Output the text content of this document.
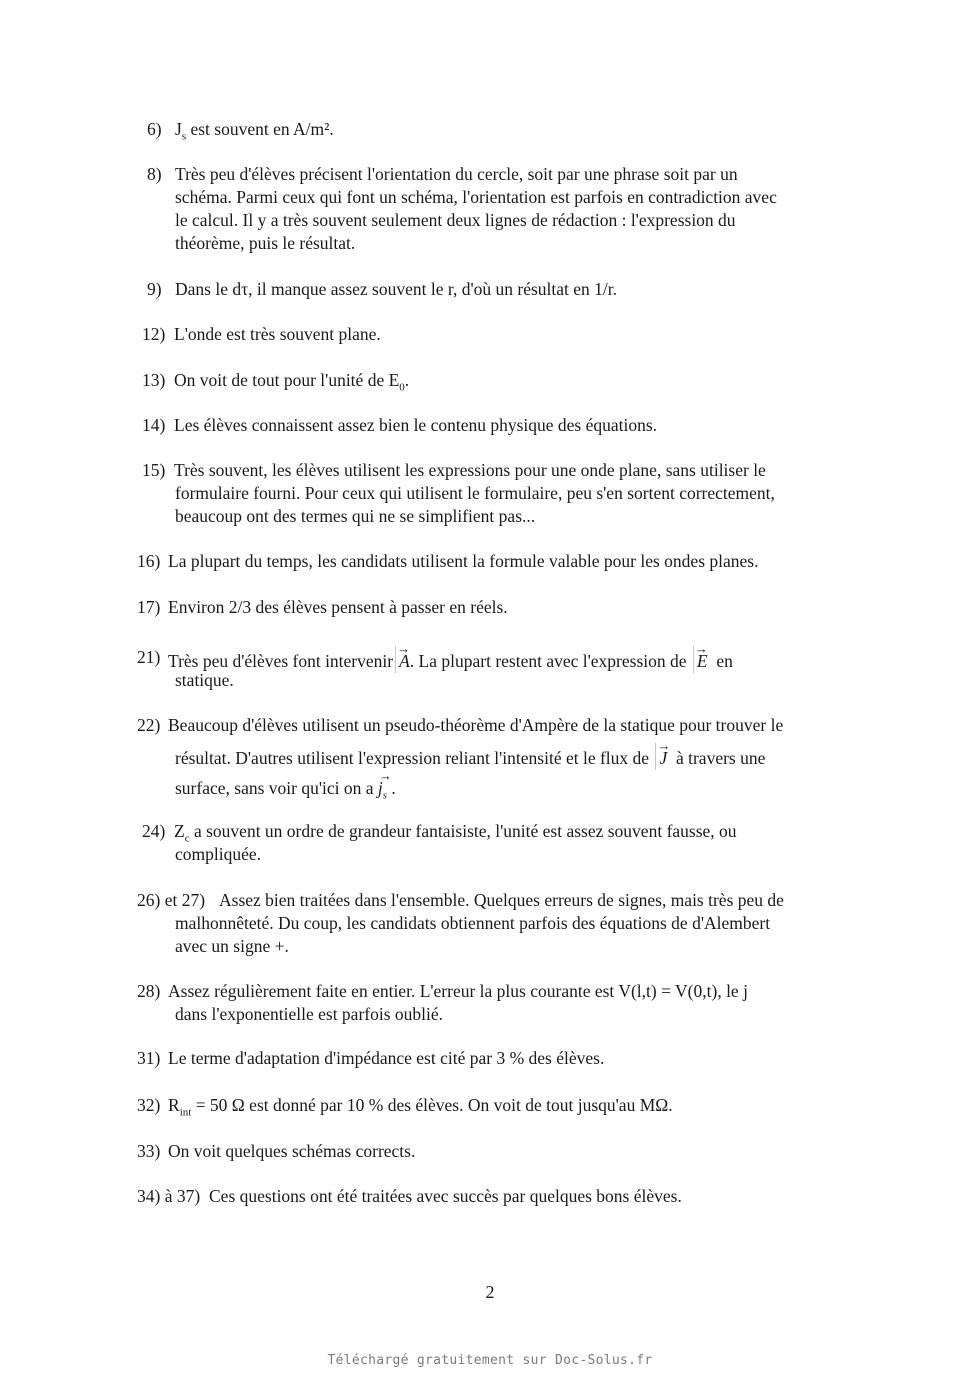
6) $J_s$ est souvent en A/m².
8) Très peu d'élèves précisent l'orientation du cercle, soit par une phrase soit par un
schéma. Parmi ceux qui font un schéma, l'orientation est parfois en contradiction avec
le calcul. Il y a très souvent seulement deux lignes de rédaction : l'expression du
théorème, puis le résultat.
9) Dans le dτ, il manque assez souvent le r, d'où un résultat en 1/r.
12) L'onde est très souvent plane.
13) On voit de tout pour l'unité de $E_0$.
14) Les élèves connaissent assez bien le contenu physique des équations.
15) Très souvent, les élèves utilisent les expressions pour une onde plane, sans utiliser le
formulaire fourni. Pour ceux qui utilisent le formulaire, peu s'en sortent correctement,
beaucoup ont des termes qui ne se simplifient pas...
16) La plupart du temps, les candidats utilisent la formule valable pour les ondes planes.
17) Environ 2/3 des élèves pensent à passer en réels.
21) Très peu d'élèves font intervenir → A. La plupart restent avec l'expression de → E en
statique.
22) Beaucoup d'élèves utilisent un pseudo-théorème d'Ampère de la statique pour trouver le
résultat. D'autres utilisent l'expression reliant l'intensité et le flux de → J à travers une
surface, sans voir qu'ici on $a \to j_s$ .
24) $Z_c$ a souvent un ordre de grandeur fantaisiste, l'unité est assez souvent fausse, ou
compliquée.
26) et 27) Assez bien traitées dans l'ensemble. Quelques erreurs de signes, mais très peu de
malhonnêteté. Du coup, les candidats obtiennent parfois des équations de d'Alembert
avec un signe +.
28) Assez régulièrement faite en entier. L'erreur la plus courante est V(l,t) = V(0,t), le j
dans l'exponentielle est parfois oublié.
31) Le terme d'adaptation d'impédance est cité par 3 % des élèves.
32) $R_{int} = 50$ Ω est donné par 10 % des élèves. On voit de tout jusqu'au MΩ.
33) On voit quelques schémas corrects.
34) à 37) Ces questions ont été traitées avec succès par quelques bons élèves.
2
Téléchargé gratuitement sur Doc-Solus.fr
